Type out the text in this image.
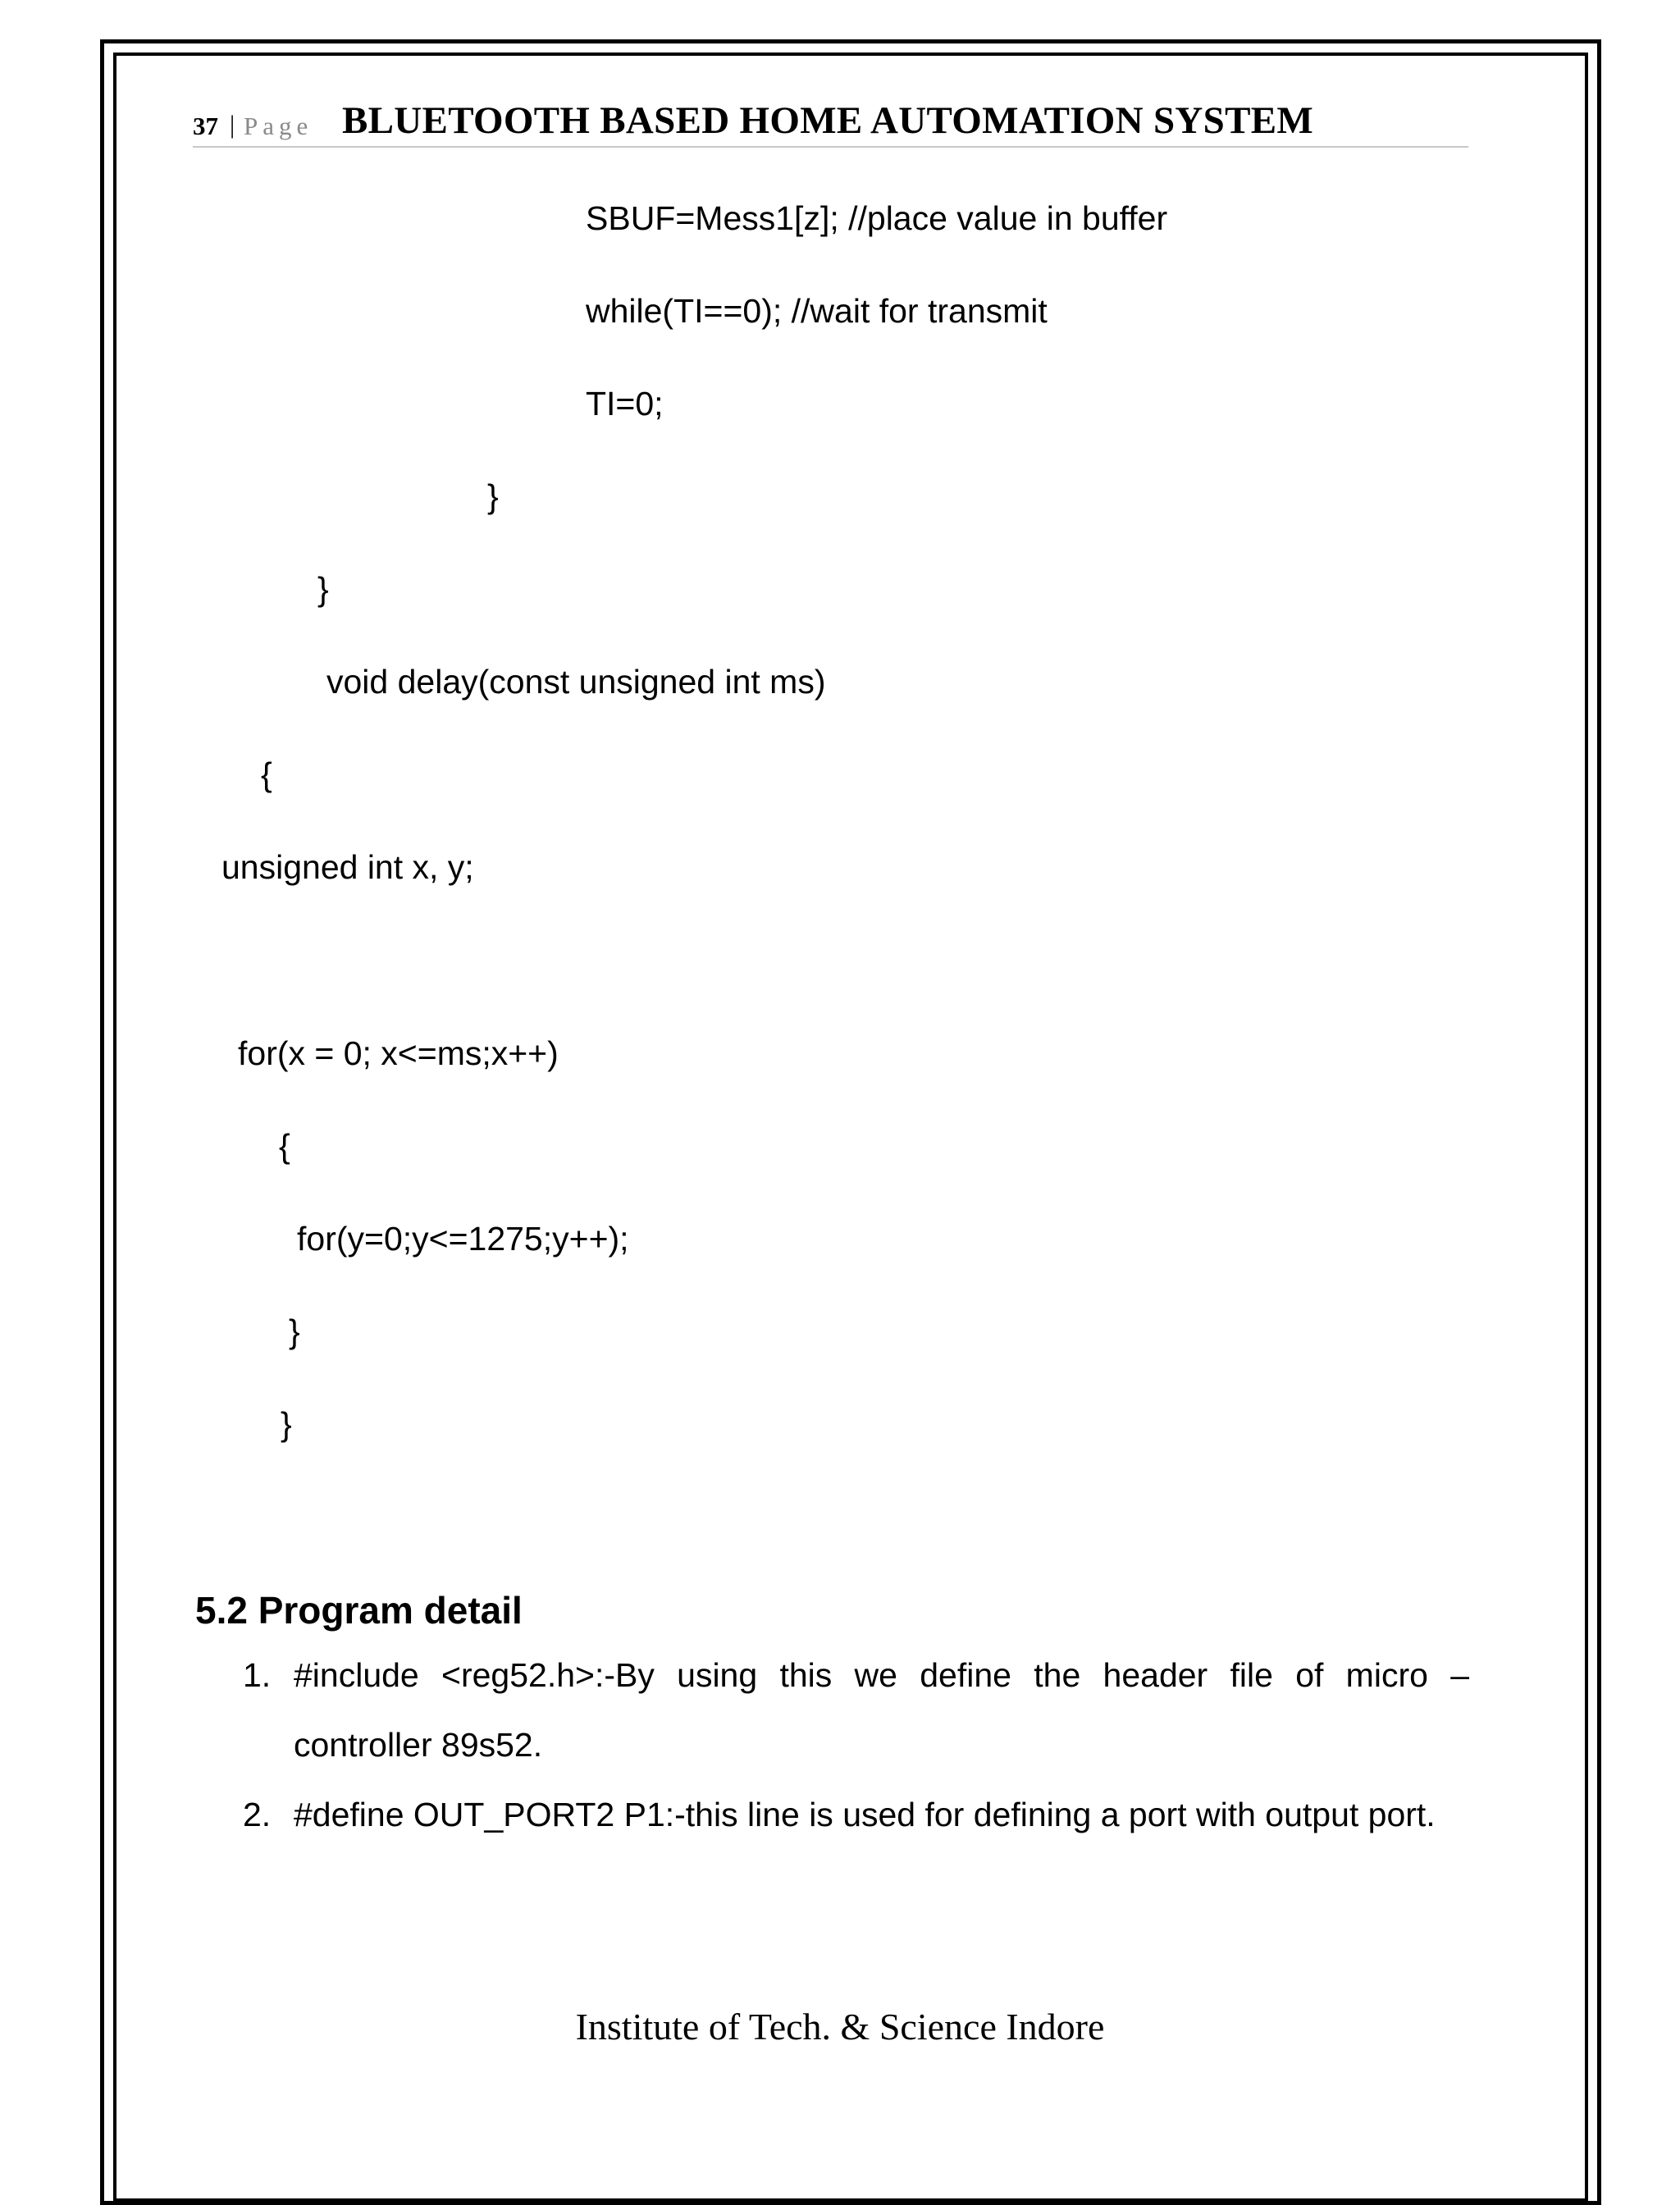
37 | Page BLUETOOTH BASED HOME AUTOMATION SYSTEM
SBUF=Mess1[z]; //place value in buffer
while(TI==0); //wait for transmit
TI=0;
}
}
void delay(const unsigned int ms)
{
unsigned int x, y;
for(x = 0; x<=ms;x++)
{
for(y=0;y<=1275;y++);
}
}
5.2 Program detail

1. #include <reg52.h>:-By using this we define the header file of micro – controller 89s52.

2. #define OUT_PORT2 P1:-this line is used for defining a port with output port.

Institute of Tech. & Science Indore
